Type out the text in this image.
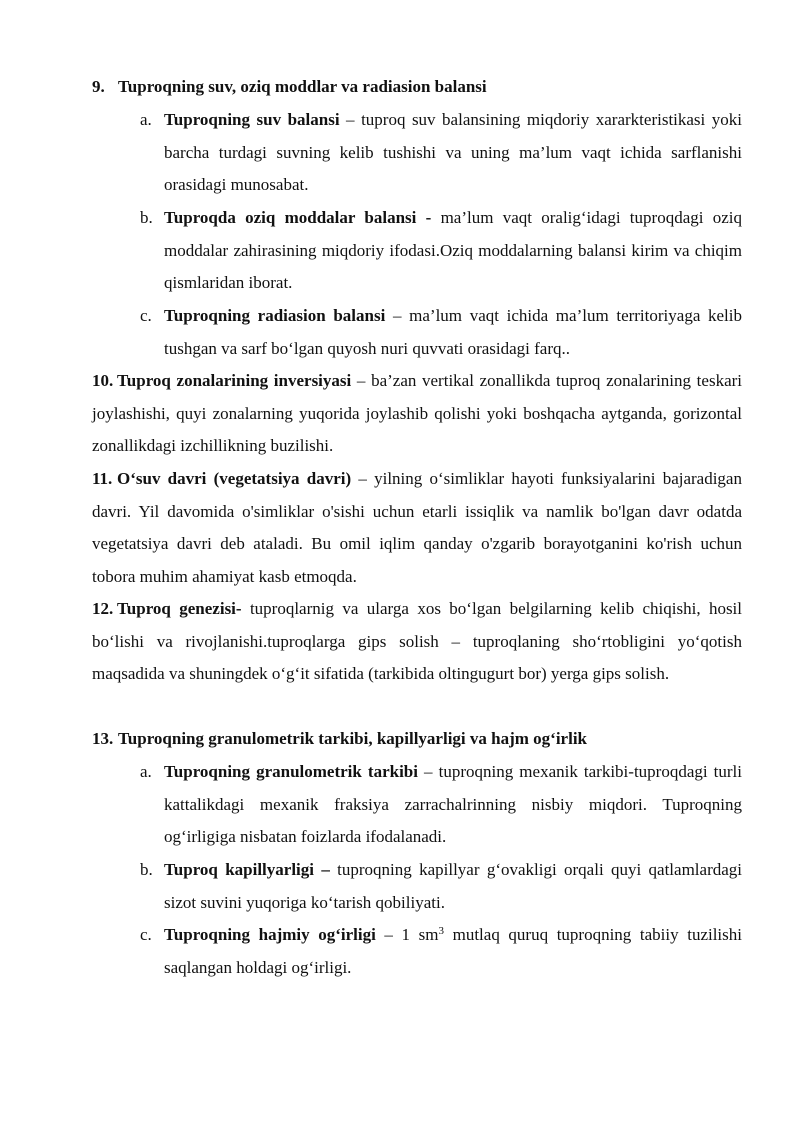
9. Tuproqning suv, oziq moddlar va radiasion balansi
a. Tuproqning suv balansi – tuproq suv balansining miqdoriy xararkteristikasi yoki barcha turdagi suvning kelib tushishi va uning ma’lum vaqt ichida sarflanishi orasidagi munosabat.
b. Tuproqda oziq moddalar balansi - ma’lum vaqt oralig‘idagi tuproqdagi oziq moddalar zahirasining miqdoriy ifodasi.Oziq moddalarning balansi kirim va chiqim qismlaridan iborat.
c. Tuproqning radiasion balansi – ma’lum vaqt ichida ma’lum territoriyaga kelib tushgan va sarf bo‘lgan quyosh nuri quvvati orasidagi farq..
10. Tuproq zonalarining inversiyasi – ba’zan vertikal zonallikda tuproq zonalarining teskari joylashishi, quyi zonalarning yuqorida joylashib qolishi yoki boshqacha aytganda, gorizontal zonallikdagi izchillikning buzilishi.
11. O‘suv davri (vegetatsiya davri) – yilning o‘simliklar hayoti funksiyalarini bajaradigan davri. Yil davomida o'simliklar o'sishi uchun etarli issiqlik va namlik bo'lgan davr odatda vegetatsiya davri deb ataladi. Bu omil iqlim qanday o'zgarib borayotganini ko'rish uchun tobora muhim ahamiyat kasb etmoqda.
12. Tuproq genezisi- tuproqlarnig va ularga xos bo‘lgan belgilarning kelib chiqishi, hosil bo‘lishi va rivojlanishi.tuproqlarga gips solish – tuproqlaning sho‘rtobligini yo‘qotish maqsadida va shuningdek o‘g‘it sifatida (tarkibida oltingugurt bor) yerga gips solish.
13. Tuproqning granulometrik tarkibi, kapillyarligi va hajm og‘irlik
a. Tuproqning granulometrik tarkibi – tuproqning mexanik tarkibi-tuproqdagi turli kattalikdagi mexanik fraksiya zarrachalrinning nisbiy miqdori. Tuproqning og‘irligiga nisbatan foizlarda ifodalanadi.
b. Tuproq kapillyarligi – tuproqning kapillyar g‘ovakligi orqali quyi qatlamlardagi sizot suvini yuqoriga ko‘tarish qobiliyati.
c. Tuproqning hajmiy og‘irligi – 1 $sm^3$ mutlaq quruq tuproqning tabiiy tuzilishi saqlangan holdagi og‘irligi.
